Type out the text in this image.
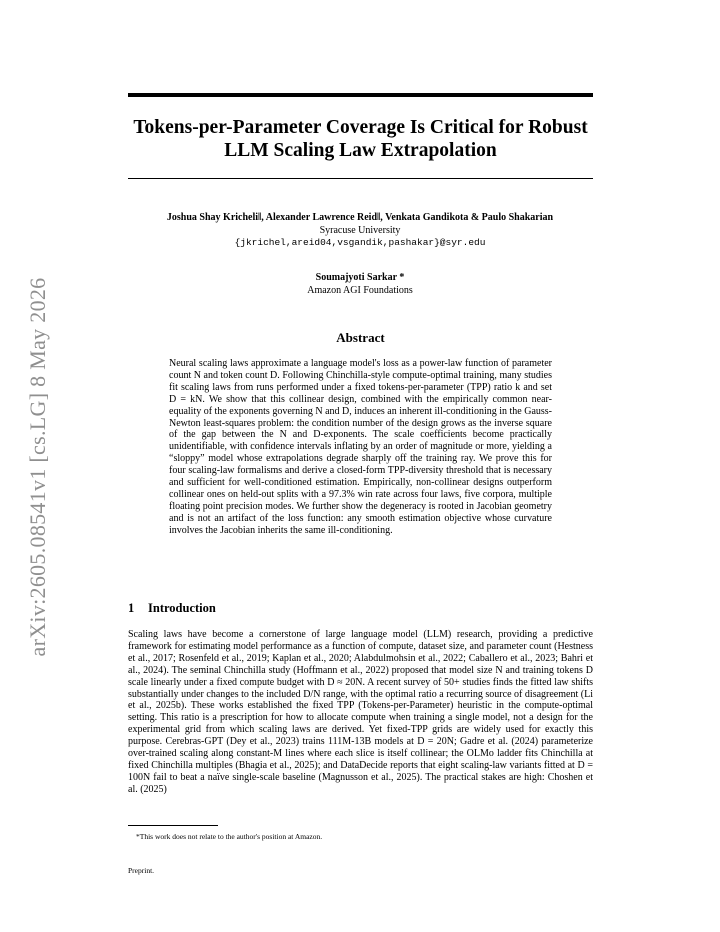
arXiv:2605.08541v1 [cs.LG] 8 May 2026
Tokens-per-Parameter Coverage Is Critical for Robust LLM Scaling Law Extrapolation
Joshua Shay Kricheli‖, Alexander Lawrence Reid‖, Venkata Gandikota & Paulo Shakarian
Syracuse University
{jkrichel,areid04,vsgandik,pashakar}@syr.edu
Soumajyoti Sarkar *
Amazon AGI Foundations
Abstract
Neural scaling laws approximate a language model's loss as a power-law function of parameter count N and token count D. Following Chinchilla-style compute-optimal training, many studies fit scaling laws from runs performed under a fixed tokens-per-parameter (TPP) ratio k and set D = kN. We show that this collinear design, combined with the empirically common near-equality of the exponents governing N and D, induces an inherent ill-conditioning in the Gauss-Newton least-squares problem: the condition number of the design grows as the inverse square of the gap between the N and D-exponents. The scale coefficients become practically unidentifiable, with confidence intervals inflating by an order of magnitude or more, yielding a “sloppy” model whose extrapolations degrade sharply off the training ray. We prove this for four scaling-law formalisms and derive a closed-form TPP-diversity threshold that is necessary and sufficient for well-conditioned estimation. Empirically, non-collinear designs outperform collinear ones on held-out splits with a 97.3% win rate across four laws, five corpora, multiple floating point precision modes. We further show the degeneracy is rooted in Jacobian geometry and is not an artifact of the loss function: any smooth estimation objective whose curvature involves the Jacobian inherits the same ill-conditioning.
1 Introduction
Scaling laws have become a cornerstone of large language model (LLM) research, providing a predictive framework for estimating model performance as a function of compute, dataset size, and parameter count (Hestness et al., 2017; Rosenfeld et al., 2019; Kaplan et al., 2020; Alabdulmohsin et al., 2022; Caballero et al., 2023; Bahri et al., 2024). The seminal Chinchilla study (Hoffmann et al., 2022) proposed that model size N and training tokens D scale linearly under a fixed compute budget with D ≈ 20N. A recent survey of 50+ studies finds the fitted law shifts substantially under changes to the included D/N range, with the optimal ratio a recurring source of disagreement (Li et al., 2025b). These works established the fixed TPP (Tokens-per-Parameter) heuristic in the compute-optimal setting. This ratio is a prescription for how to allocate compute when training a single model, not a design for the experimental grid from which scaling laws are derived. Yet fixed-TPP grids are widely used for exactly this purpose. Cerebras-GPT (Dey et al., 2023) trains 111M-13B models at D = 20N; Gadre et al. (2024) parameterize over-trained scaling along constant-M lines where each slice is itself collinear; the OLMo ladder fits Chinchilla at fixed Chinchilla multiples (Bhagia et al., 2025); and DataDecide reports that eight scaling-law variants fitted at D = 100N fail to beat a naïve single-scale baseline (Magnusson et al., 2025). The practical stakes are high: Choshen et al. (2025)
*This work does not relate to the author's position at Amazon.
Preprint.
